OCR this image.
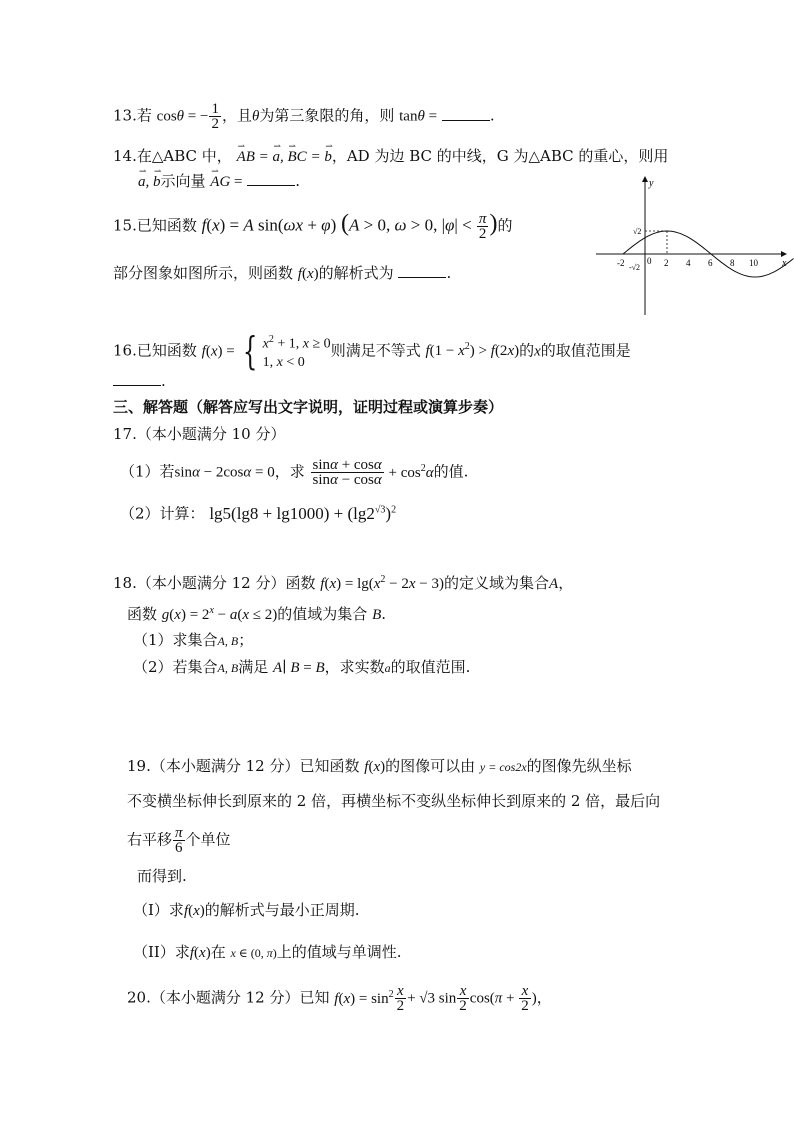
13.若 cosθ = − $\frac{1}{2}$ ，且θ为第三象限的角，则 tanθ =	.
14.在△ABC 中， ⇀ AB = ⇀ a, ⇀ BC = ⇀ b，AD 为边 BC 的中线，G 为△ABC 的重心，则用
⇀ a, ⇀ b示向量 ⇀ AG =	.
15.已知函数 f(x) = A sin(ωx + φ) (A > 0, ω > 0, $|\varphi| < \frac{\pi}{2}$ )的
部分图象如图所示，则函数 f(x)的解析式为	.
y
x
0
-2	2 4 6 8 10
√2
-√2
16.已知函数 f(x) = { $x^2 + 1$, x ≥ 0
1, x < 0
则满足不等式 $f(1 - x^2) > f(2x)$的x的取值范围是
.
三、解答题（解答应写出文字说明，证明过程或演算步奏）
17.（本小题满分 10 分）
（1）若sinα − 2cosα = 0，求 $\frac{\sin\alpha + \cos\alpha}{\sin\alpha - \cos\alpha} + \cos^2\alpha$的值.
（2）计算： $\lg 5(\lg 8 + \lg 1000) + (\lg 2^{√3})^2$
18.（本小题满分 12 分）函数 $f(x) = \lg(x^2 - 2x - 3)$的定义域为集合A，
函数 $g(x) = 2^x - a(x \le 2)$的值域为集合 B.
（1）求集合A, B；
（2）若集合A, B满足 A∣ B = B，求实数a的取值范围.
19.（本小题满分 12 分）已知函数 f(x)的图像可以由 y = cos2x的图像先纵坐标
不变横坐标伸长到原来的 2 倍，再横坐标不变纵坐标伸长到原来的 2 倍，最后向
右平移 $\frac{\pi}{6}$ 个单位
而得到.
（I）求f(x)的解析式与最小正周期.
（II）求f(x)在 x ∈ (0, π)上的值域与单调性.
20.（本小题满分 12 分）已知 $f(x) = \sin^2 \frac{x}{2} + √3$ $\sin \frac{x}{2} \cos(\pi + \frac{x}{2}$ )，
